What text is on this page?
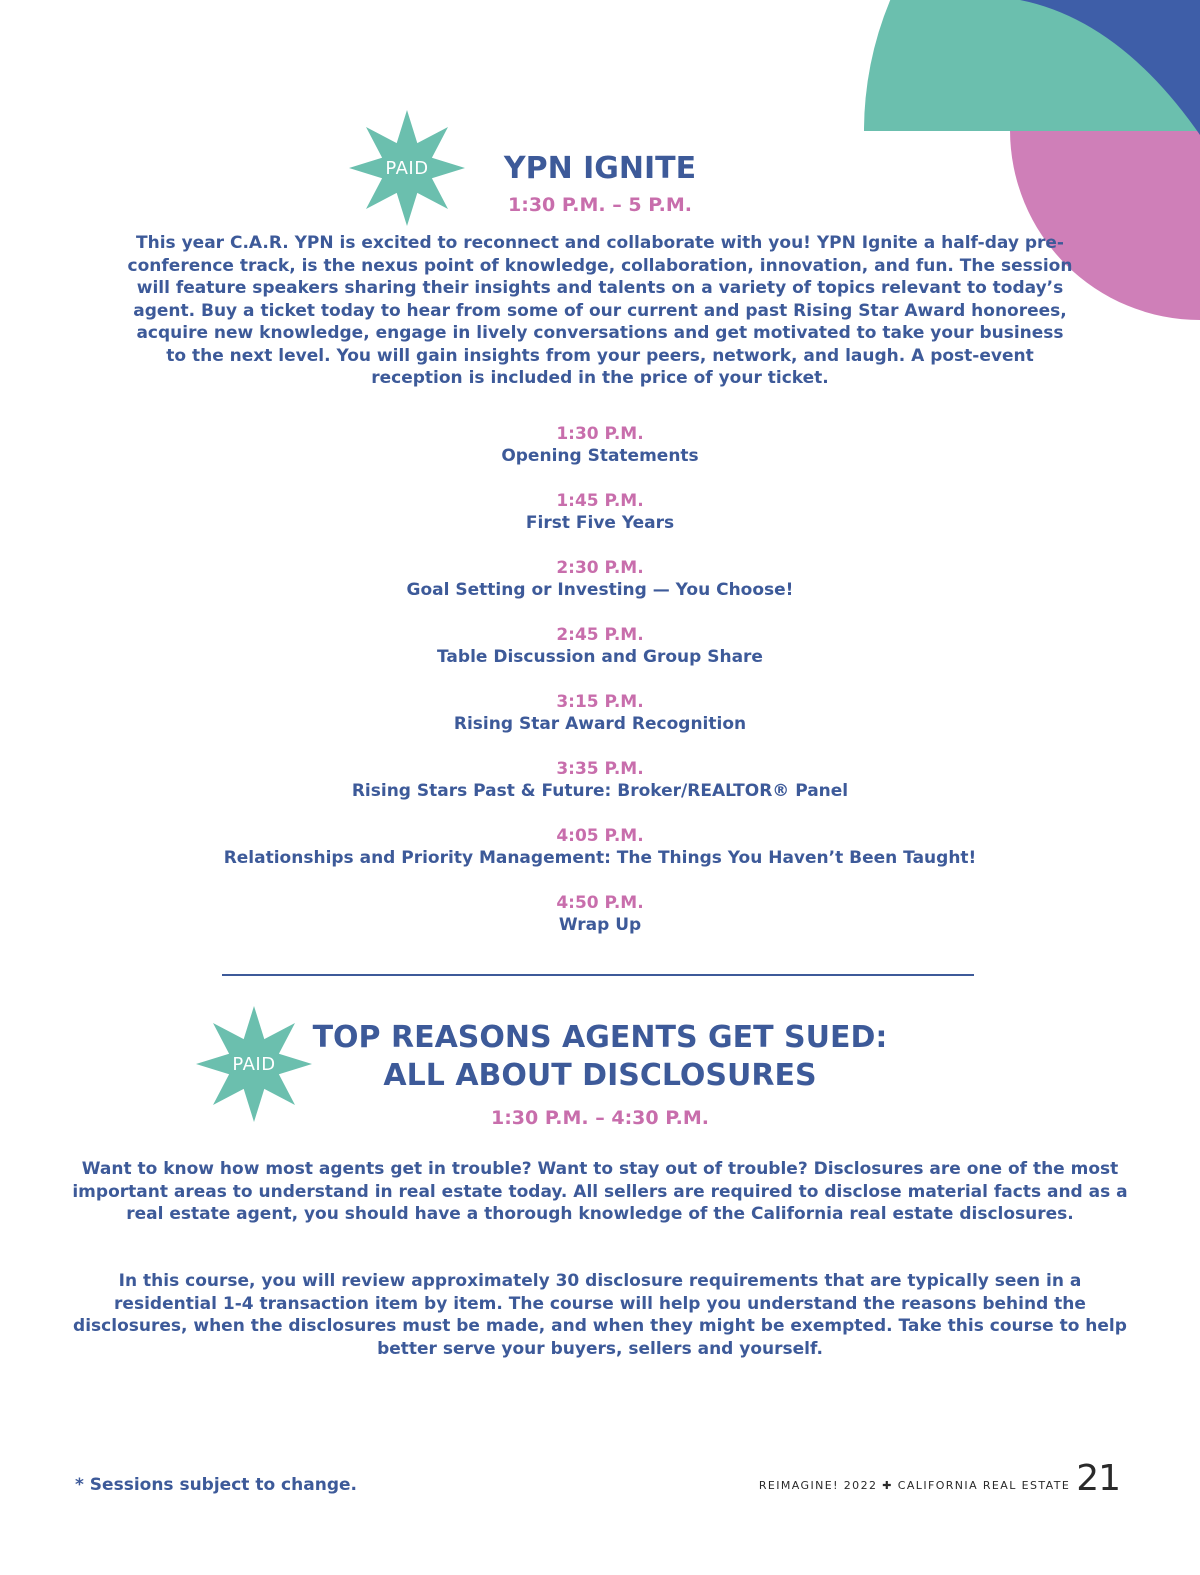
PAID	YPN IGNITE
1:30 P.M. – 5 P.M.

This year C.A.R. YPN is excited to reconnect and collaborate with you! YPN Ignite a half-day pre-conference track, is the nexus point of knowledge, collaboration, innovation, and fun. The session will feature speakers sharing their insights and talents on a variety of topics relevant to today’s agent. Buy a ticket today to hear from some of our current and past Rising Star Award honorees, acquire new knowledge, engage in lively conversations and get motivated to take your business to the next level. You will gain insights from your peers, network, and laugh. A post-event reception is included in the price of your ticket.

1:30 P.M.
Opening Statements
1:45 P.M.
First Five Years
2:30 P.M.
Goal Setting or Investing — You Choose!
2:45 P.M.
Table Discussion and Group Share
3:15 P.M.
Rising Star Award Recognition
3:35 P.M.
Rising Stars Past & Future: Broker/REALTOR® Panel
4:05 P.M.
Relationships and Priority Management: The Things You Haven’t Been Taught!
4:50 P.M.
Wrap Up
PAID
TOP REASONS AGENTS GET SUED:
ALL ABOUT DISCLOSURES
1:30 P.M. – 4:30 P.M.

Want to know how most agents get in trouble? Want to stay out of trouble? Disclosures are one of the most important areas to understand in real estate today. All sellers are required to disclose material facts and as a real estate agent, you should have a thorough knowledge of the California real estate disclosures.

In this course, you will review approximately 30 disclosure requirements that are typically seen in a residential 1-4 transaction item by item. The course will help you understand the reasons behind the disclosures, when the disclosures must be made, and when they might be exempted. Take this course to help better serve your buyers, sellers and yourself.

* Sessions subject to change.	REIMAGINE! 2022 ✚ CALIFORNIA REAL ESTATE 21
